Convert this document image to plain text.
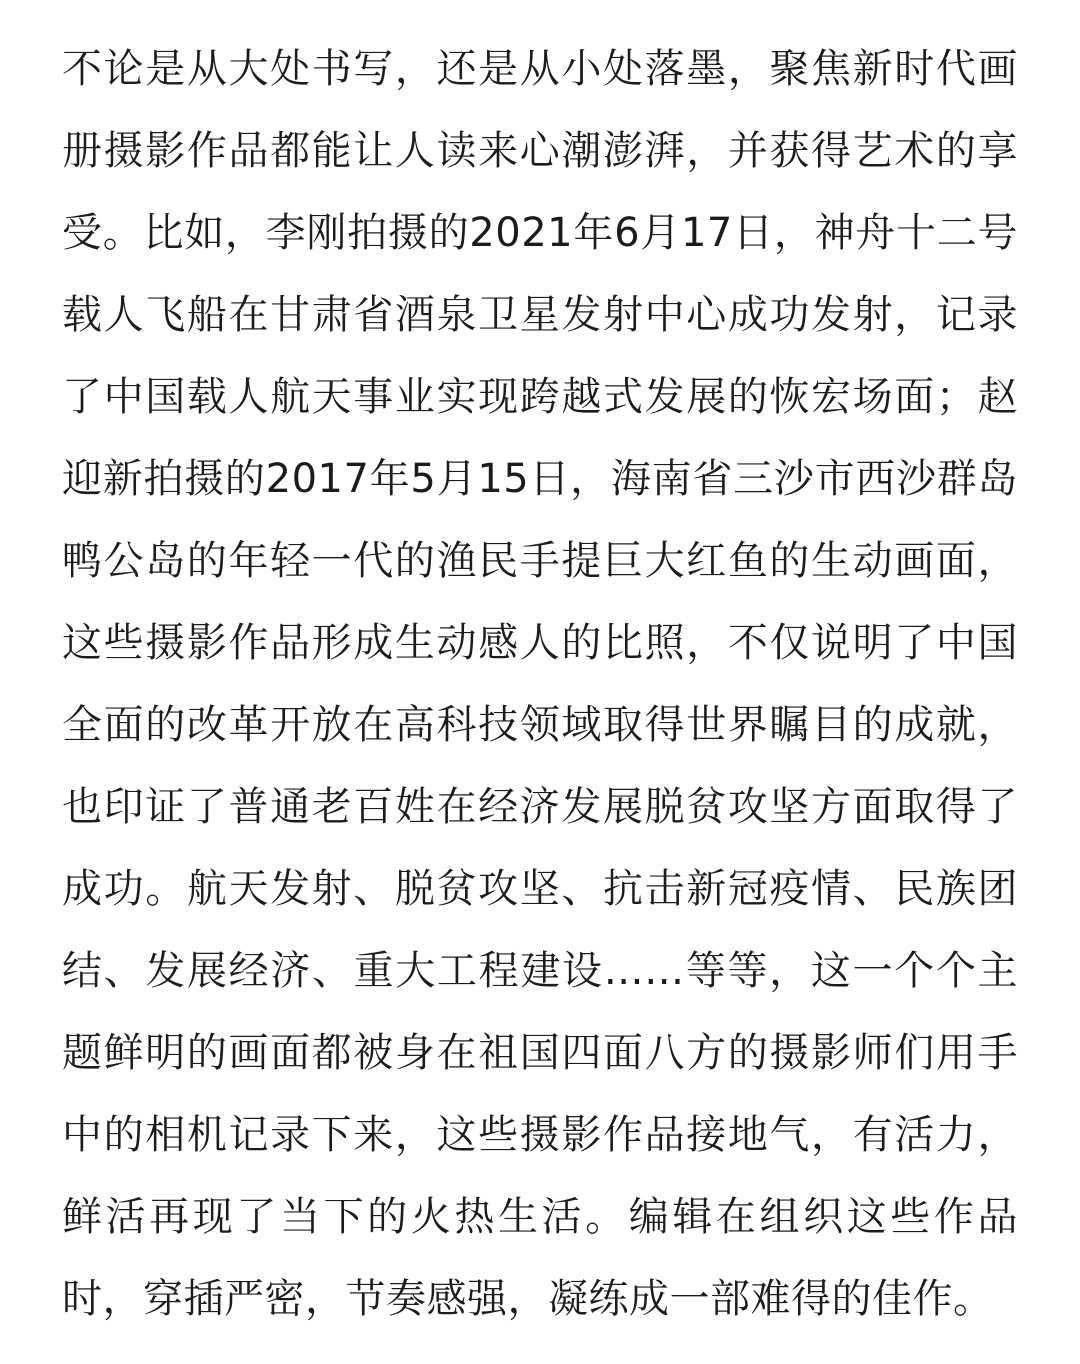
不论是从大处书写，还是从小处落墨，聚焦新时代画册摄影作品都能让人读来心潮澎湃，并获得艺术的享受。比如，李刚拍摄的2021年6月17日，神舟十二号载人飞船在甘肃省酒泉卫星发射中心成功发射，记录了中国载人航天事业实现跨越式发展的恢宏场面；赵迎新拍摄的2017年5月15日，海南省三沙市西沙群岛鸭公岛的年轻一代的渔民手提巨大红鱼的生动画面，这些摄影作品形成生动感人的比照，不仅说明了中国全面的改革开放在高科技领域取得世界瞩目的成就，也印证了普通老百姓在经济发展脱贫攻坚方面取得了成功。航天发射、脱贫攻坚、抗击新冠疫情、民族团结、发展经济、重大工程建设……等等，这一个个主题鲜明的画面都被身在祖国四面八方的摄影师们用手中的相机记录下来，这些摄影作品接地气，有活力，鲜活再现了当下的火热生活。编辑在组织这些作品时，穿插严密，节奏感强，凝练成一部难得的佳作。
